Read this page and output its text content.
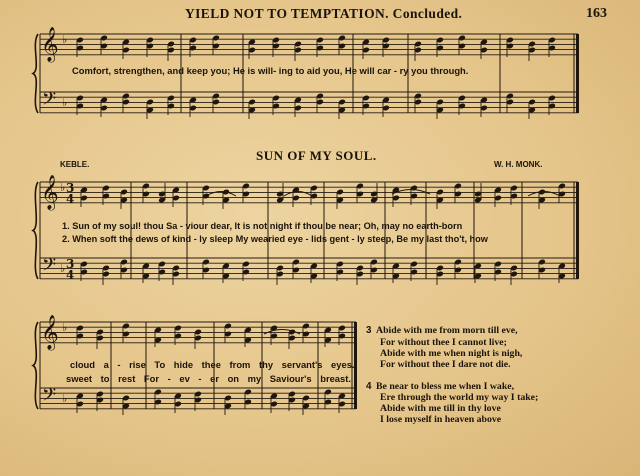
𝄞
𝄢
♭
♭
𝄞
𝄢
♭
♭
3
4
3
4
𝄞
𝄢
♭
♭
YIELD NOT TO TEMPTATION. Concluded.	163
Comfort, strengthen, and keep you; He is will- ing to aid you, He will car - ry you through.
SUN OF MY SOUL.
KEBLE.	W. H. MONK.
1. Sun of my soul! thou Sa - viour dear, It is not night if thou be near; Oh, may no earth-born
2. When soft the dews of kind - ly sleep My wearied eye - lids gent - ly steep, Be my last tho't, how
cloud a - rise To hide thee from thy servant's eyes.
sweet to rest For - ev - er on my Saviour's breast.
3 Abide with me from morn till eve,
For without thee I cannot live;
Abide with me when night is nigh,
For without thee I dare not die.
4 Be near to bless me when I wake,
Ere through the world my way I take;
Abide with me till in thy love
I lose myself in heaven above
